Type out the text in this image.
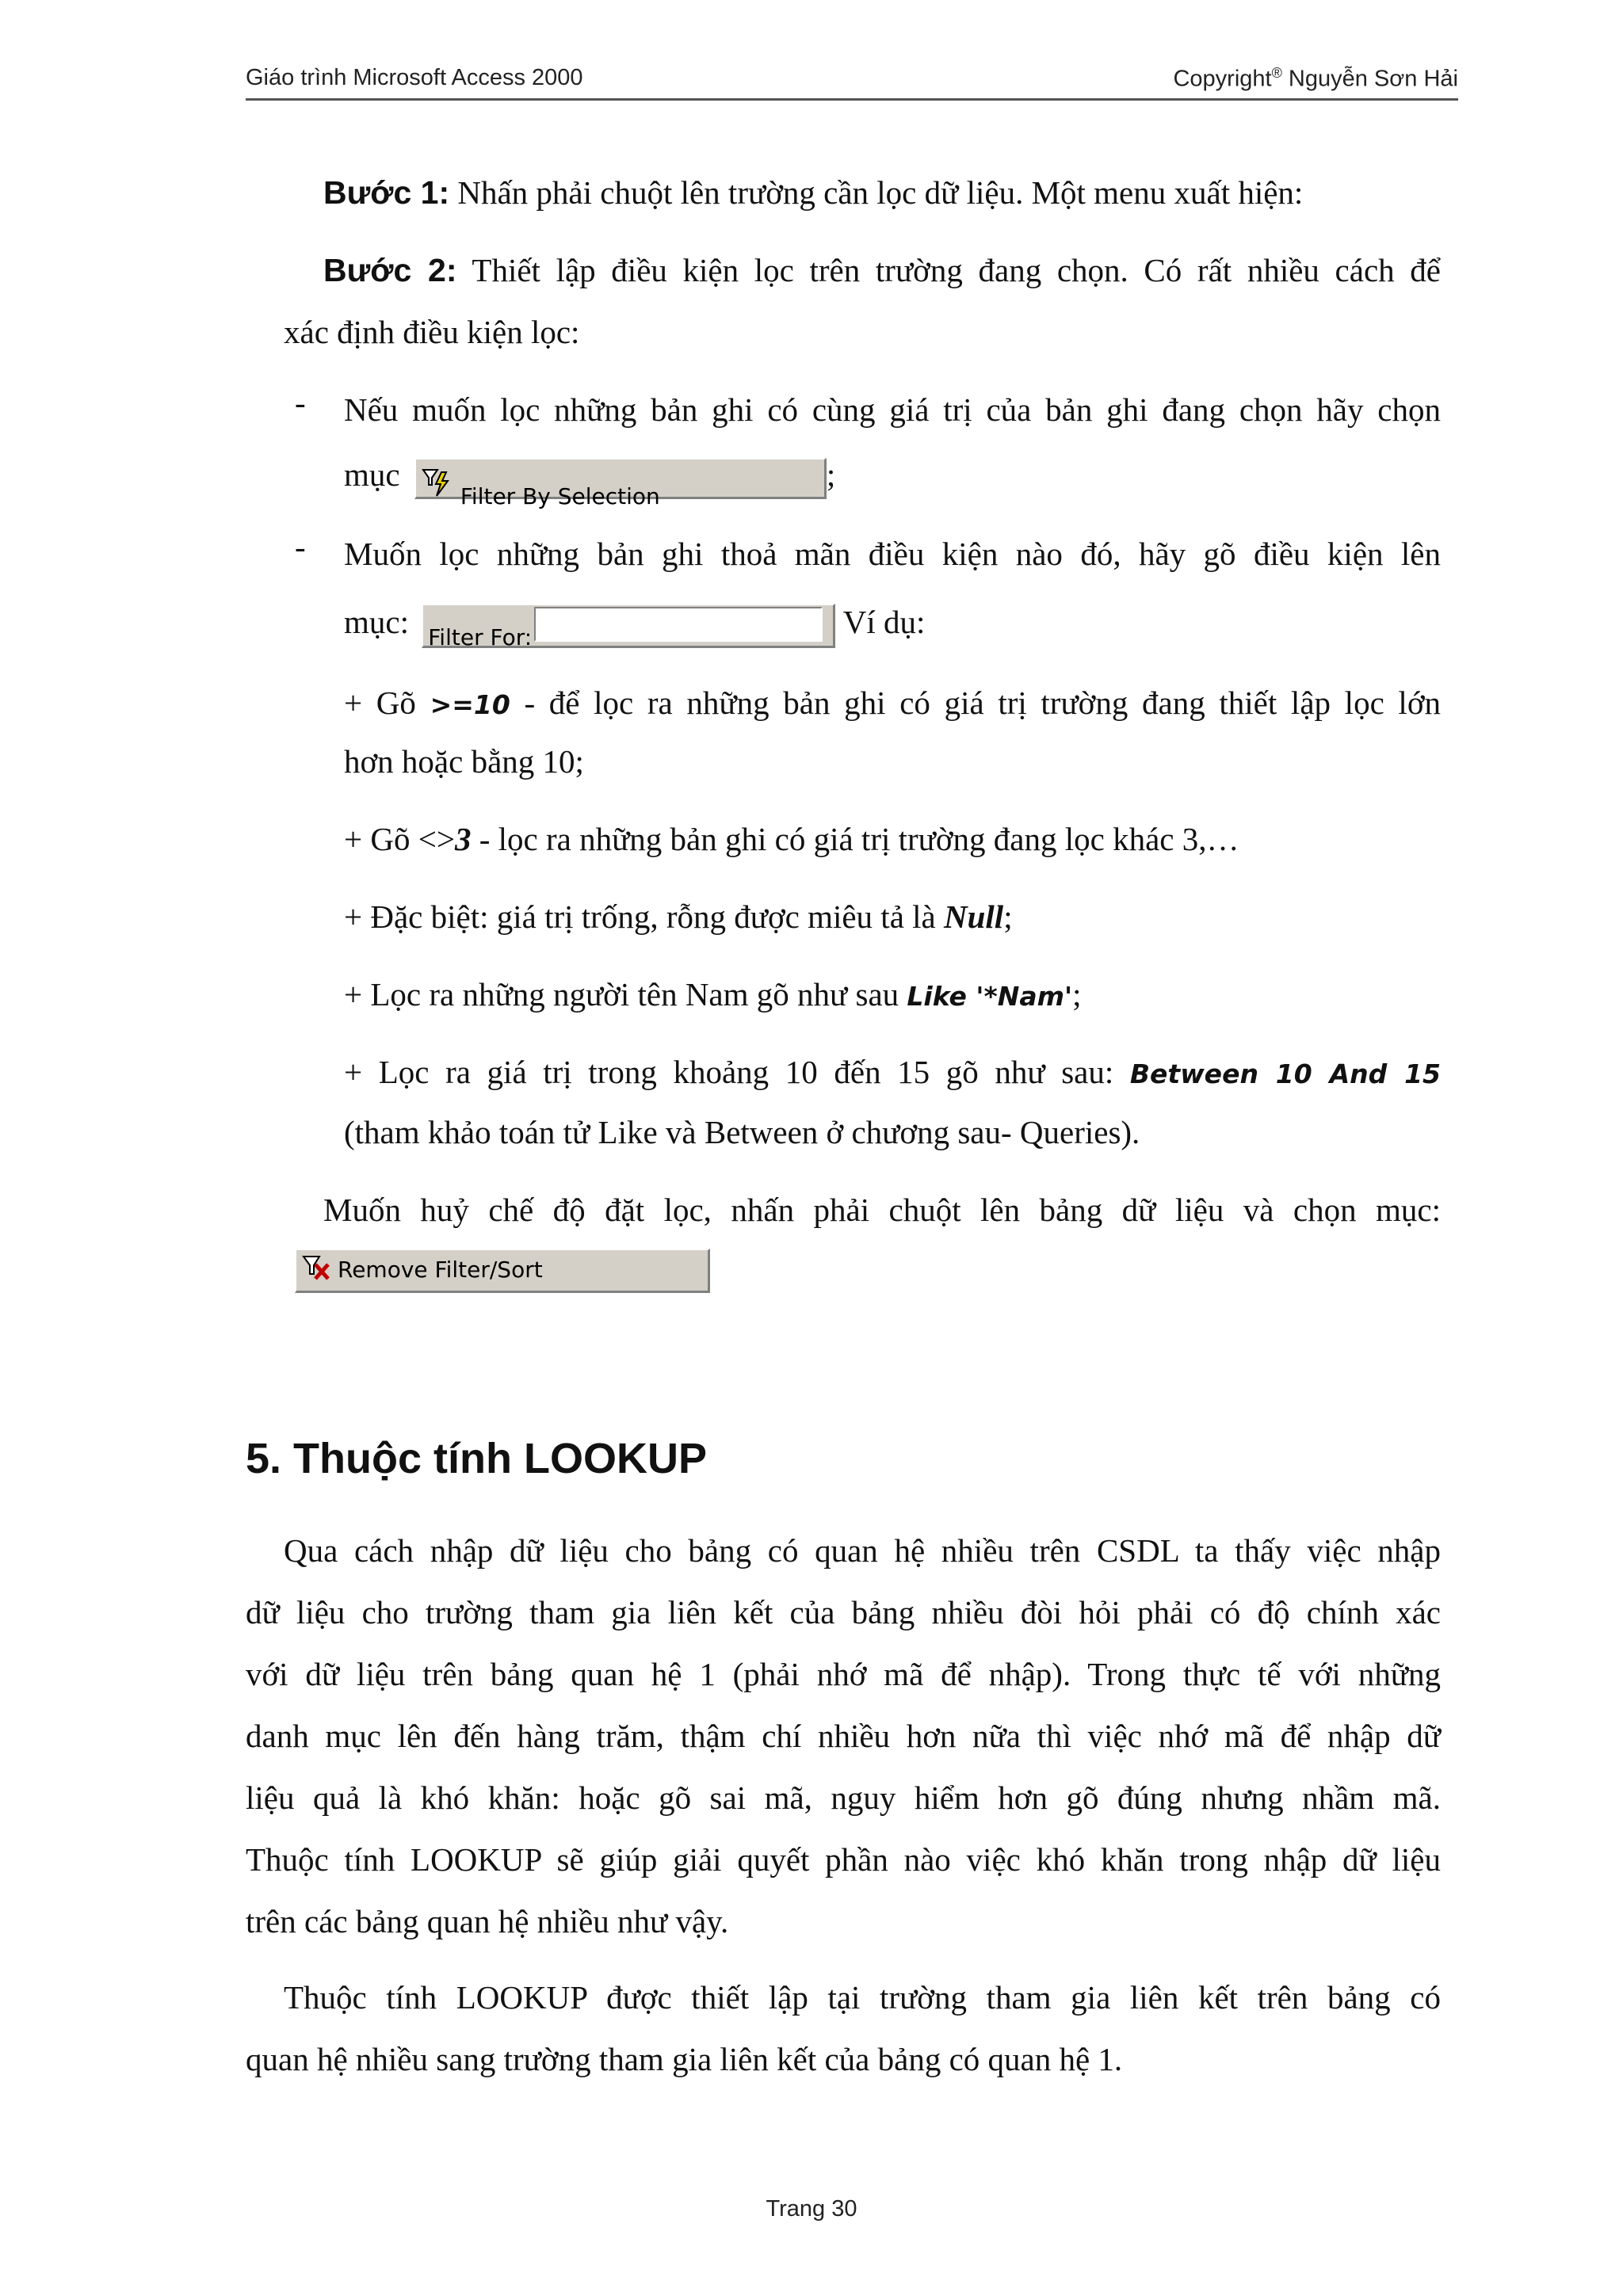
Giáo trình Microsoft Access 2000	Copyright® Nguyễn Sơn Hải

Bước 1: Nhấn phải chuột lên trường cần lọc dữ liệu. Một menu xuất hiện:

Bước 2: Thiết lập điều kiện lọc trên trường đang chọn. Có rất nhiều cách để

xác định điều kiện lọc:

- Nếu muốn lọc những bản ghi có cùng giá trị của bản ghi đang chọn hãy chọn

mục
Filter By Selection
;

- Muốn lọc những bản ghi thoả mãn điều kiện nào đó, hãy gõ điều kiện lên

mục: Filter For:	Ví dụ:

+ Gõ >=10 - để lọc ra những bản ghi có giá trị trường đang thiết lập lọc lớn

hơn hoặc bằng 10;

+ Gõ <>3 - lọc ra những bản ghi có giá trị trường đang lọc khác 3,…

+ Đặc biệt: giá trị trống, rỗng được miêu tả là Null;

+ Lọc ra những người tên Nam gõ như sau Like '*Nam';

+ Lọc ra giá trị trong khoảng 10 đến 15 gõ như sau: Between 10 And 15

(tham khảo toán tử Like và Between ở chương sau- Queries).

Muốn huỷ chế độ đặt lọc, nhấn phải chuột lên bảng dữ liệu và chọn mục:

Remove Filter/Sort
5. Thuộc tính LOOKUP

Qua cách nhập dữ liệu cho bảng có quan hệ nhiều trên CSDL ta thấy việc nhập

dữ liệu cho trường tham gia liên kết của bảng nhiều đòi hỏi phải có độ chính xác

với dữ liệu trên bảng quan hệ 1 (phải nhớ mã để nhập). Trong thực tế với những

danh mục lên đến hàng trăm, thậm chí nhiều hơn nữa thì việc nhớ mã để nhập dữ

liệu quả là khó khăn: hoặc gõ sai mã, nguy hiểm hơn gõ đúng nhưng nhầm mã.

Thuộc tính LOOKUP sẽ giúp giải quyết phần nào việc khó khăn trong nhập dữ liệu

trên các bảng quan hệ nhiều như vậy.

Thuộc tính LOOKUP được thiết lập tại trường tham gia liên kết trên bảng có

quan hệ nhiều sang trường tham gia liên kết của bảng có quan hệ 1.

Trang 30
